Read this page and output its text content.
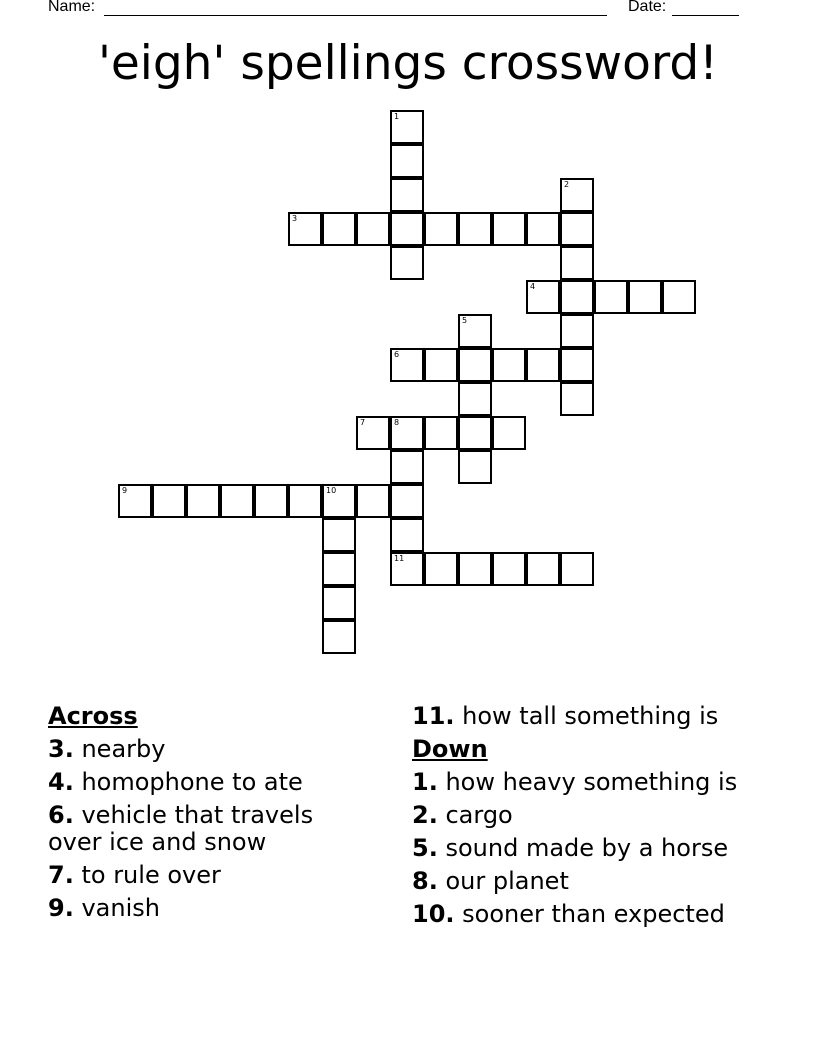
Name:	Date:
'eigh' spellings crossword!
1
2
3
4
5
6
7	8
11
9	10
Across
3. nearby
4. homophone to ate
6. vehicle that travels over ice and snow
7. to rule over
9. vanish
11. how tall something is
Down
1. how heavy something is
2. cargo
5. sound made by a horse
8. our planet
10. sooner than expected
